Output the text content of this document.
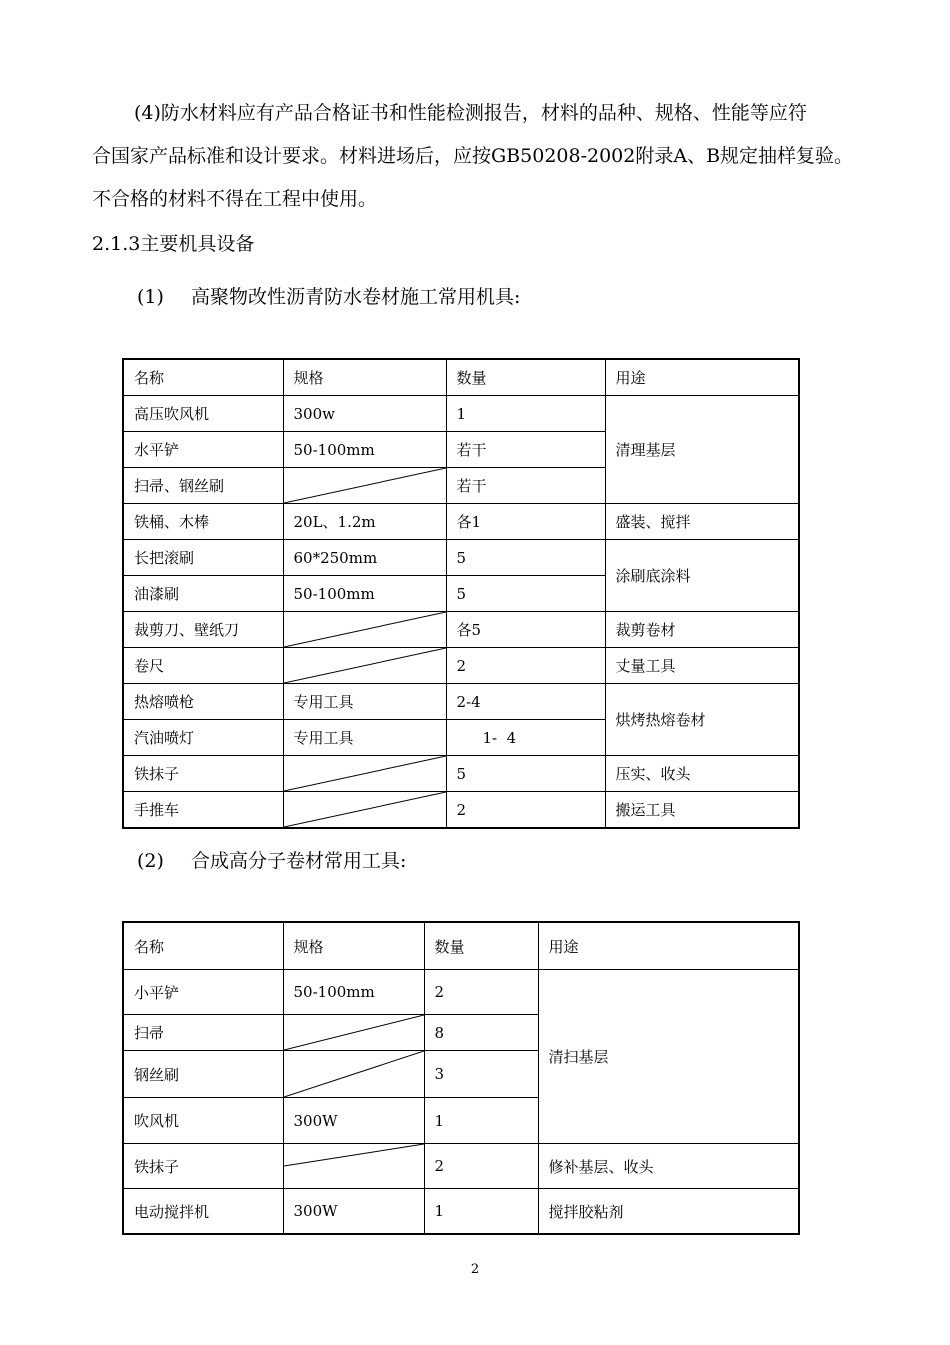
(4)防水材料应有产品合格证书和性能检测报告，材料的品种、规格、性能等应符
合国家产品标准和设计要求。材料进场后，应按GB50208-2002附录A、B规定抽样复验。
不合格的材料不得在工程中使用。
2.1.3主要机具设备
(1) 高聚物改性沥青防水卷材施工常用机具:
名称	规格	数量	用途
高压吹风机	300w	1	清理基层
水平铲	50-100mm	若干	
扫帚、钢丝刷		若干	
铁桶、木棒	20L、1.2m	各1	盛装、搅拌
长把滚刷	60*250mm	5	涂刷底涂料
油漆刷	50-100mm	5	
裁剪刀、壁纸刀		各5	裁剪卷材
卷尺		2	丈量工具
热熔喷枪	专用工具	2-4	烘烤热熔卷材
汽油喷灯	专用工具	1-  4	
铁抹子		5	压实、收头
手推车		2	搬运工具
(2) 合成高分子卷材常用工具:
名称	规格	数量	用途
小平铲	50-100mm	2	清扫基层
扫帚		8	
钢丝刷		3	
吹风机	300W	1	
铁抹子		2	修补基层、收头
电动搅拌机	300W	1	搅拌胶粘剂
2
